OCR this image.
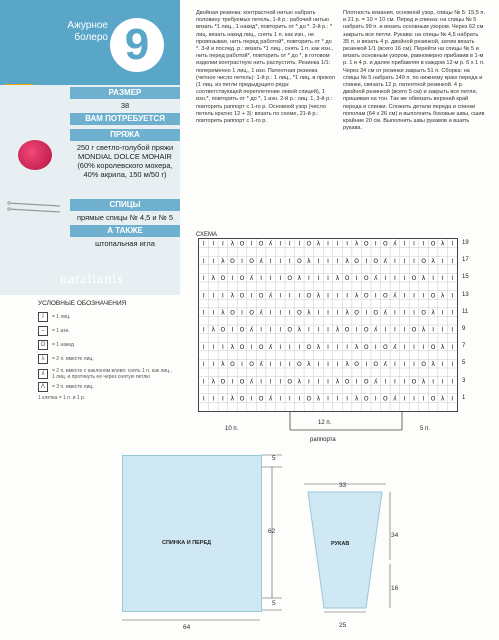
Ажурное болеро 9
РАЗМЕР
38
ВАМ ПОТРЕБУЕТСЯ
ПРЯЖА
250 г светло-голубой пряжи MONDIAL DOLCE MOHAIR (60% королевского мохера, 40% акрила, 150 м/50 г)
СПИЦЫ
прямые спицы № 4,5 и № 5
А ТАКЖЕ
штопальная игла
natalianis
УСЛОВНЫЕ ОБОЗНАЧЕНИЯ
I	= 1 лиц.
–	= 1 изн.
O	= 1 накид
λ	= 2 п. вместе лиц.
ʎ	= 2 п. вместе с наклоном влево: снять 1 п. как лиц., 1 лиц. и протянуть ее через снятую петлю
Λ	= 3 п. вместе лиц.
1 клетка = 1 п. и 1 р.
Двойная резинка: контрастной нитью набрать половину требуемых петель, 1-й р.: рабочей нитью вязать *1 лиц., 1 накид*, повторить от * до *. 2-й р.: * лиц. вязать накид лиц., снять 1 п. как изн., не провязывая, нить перед работой*, повторить от * до *. 3-й и послед. р.: вязать *1 лиц., снять 1 п. как изн., нить перед работой*, повторить от * до *, в готовом изделии контрастную нить распустить. Резинка 1/1: попеременно 1 лиц., 1 изн. Патентная резинка (четное число петель): 1-й р.: 1 лиц., *1 лиц. в прокол (1 лиц. из петли предыдущего ряда: соответствующей переплетение левой спицей), 1 изн.*, повторить от * до *, 1 изн. 2-й р.: лиц. 1, 3-й р.: повторить раппорт с 1-го р. Основной узор (число петель кратно 12 + 3): вязать по схеме, 21-й р.: повторить раппорт с 1-го р.
Плотность вязания, основной узор, спицы № 5: 15,5 п. и 21 р. = 10 × 10 см. Перед и спинка: на спицы № 5 набрать 99 п. и вязать основным узором. Через 62 см закрыть все петли. Рукава: на спицы № 4,5 набрать 35 п. и вязать 4 р. двойной резинкой, затем вязать резинкой 1/1 (всего 16 см). Перейти на спицы № 5 и вязать основным узором, равномерно прибавив в 1-м р. 1 и 4 р. и далее прибавляя в каждом 12-м р. 6 х 1 п. Через 34 см от резинки закрыть 51 п. Сборка: на спицы № 5 набрать 149 п. по нижнему краю переда и спинки, связать 12 р. патентной резинкой. 4 р. двойной резинкой (всего 5 см) и закрыть все петли, пришивая на тон. Так же обвязать верхний край переда и спинки. Сложить детали переда и спинки пополам (64 х 26 см) и выполнить боковые швы, сшив крайние 20 см. Выполнить швы рукавов и вшить рукава.
СХЕМА
I I I λ O I O ʎ I I I O λ I I I λ O I O ʎ I I I O λ I
I I λ O I O ʎ I I I O λ I I I λ O I O ʎ I I I O λ I I
I λ O I O ʎ I I I O λ I I I λ O I O ʎ I I I O λ I I I
I I I λ O I O ʎ I I I O λ I I I λ O I O ʎ I I I O λ I
I I λ O I O ʎ I I I O λ I I I λ O I O ʎ I I I O λ I I
I λ O I O ʎ I I I O λ I I I λ O I O ʎ I I I O λ I I I
I I I λ O I O ʎ I I I O λ I I I λ O I O ʎ I I I O λ I
I I λ O I O ʎ I I I O λ I I I λ O I O ʎ I I I O λ I I
I λ O I O ʎ I I I O λ I I I λ O I O ʎ I I I O λ I I I
I I I λ O I O ʎ I I I O λ I I I λ O I O ʎ I I I O λ I
19
17
15
13
11
9
7
5
3
1
10 п.
12 п.
раппорта
5 п.
СПИНКА И ПЕРЕД
5
62
5
64
РУКАВ
33
34
16
25
